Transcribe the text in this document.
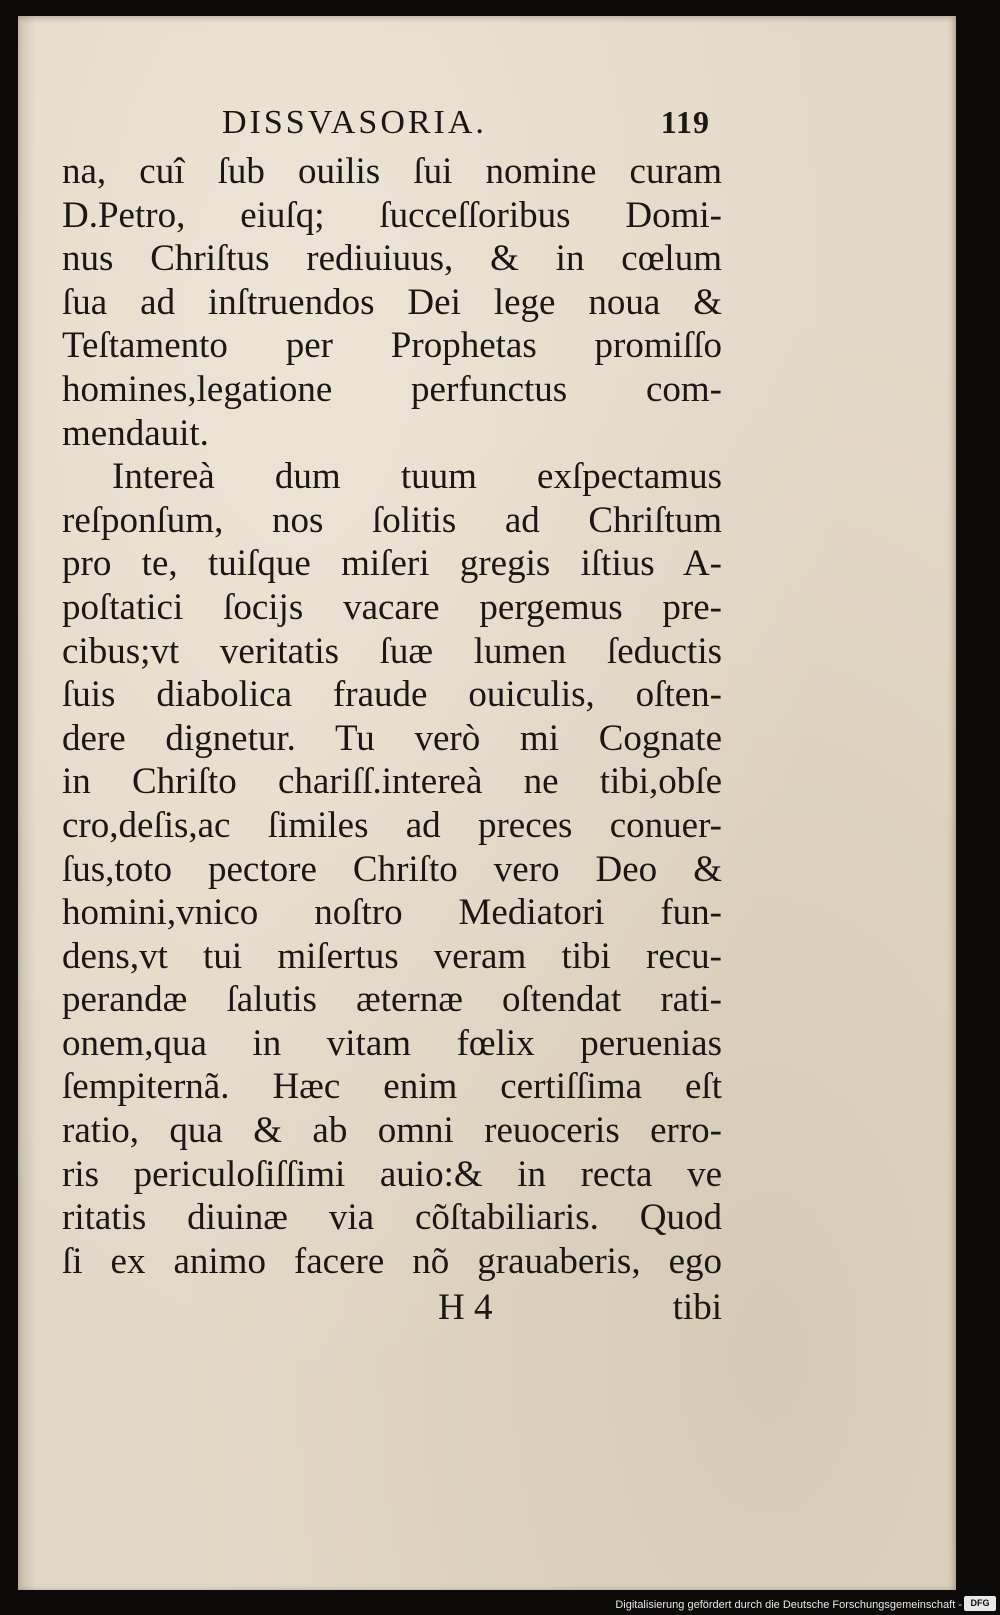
DISSVASORIA.	119
na, cuî ſub ouilis ſui nomine curam
D.Petro, eiuſq; ſucceſſoribus Domi-
nus Chriſtus rediuiuus, & in cœlum
ſua ad inſtruendos Dei lege noua &
Teſtamento per Prophetas promiſſo
homines,legatione perfunctus com-
mendauit.
Intereà dum tuum exſpectamus
reſponſum, nos ſolitis ad Chriſtum
pro te, tuiſque miſeri gregis iſtius A-
poſtatici ſocijs vacare pergemus pre-
cibus;vt veritatis ſuæ lumen ſeductis
ſuis diabolica fraude ouiculis, oſten-
dere dignetur. Tu verò mi Cognate
in Chriſto chariſſ.intereà ne tibi,obſe
cro,deſis,ac ſimiles ad preces conuer-
ſus,toto pectore Chriſto vero Deo &
homini,vnico noſtro Mediatori fun-
dens,vt tui miſertus veram tibi recu-
perandæ ſalutis æternæ oſtendat rati-
onem,qua in vitam fœlix peruenias
ſempiternã. Hæc enim certiſſima eſt
ratio, qua & ab omni reuoceris erro-
ris periculoſiſſimi auio:& in recta ve
ritatis diuinæ via cõſtabiliaris. Quod
ſi ex animo facere nõ grauaberis, ego
H 4	tibi
Digitalisierung gefördert durch die Deutsche Forschungsgemeinschaft - DFG
